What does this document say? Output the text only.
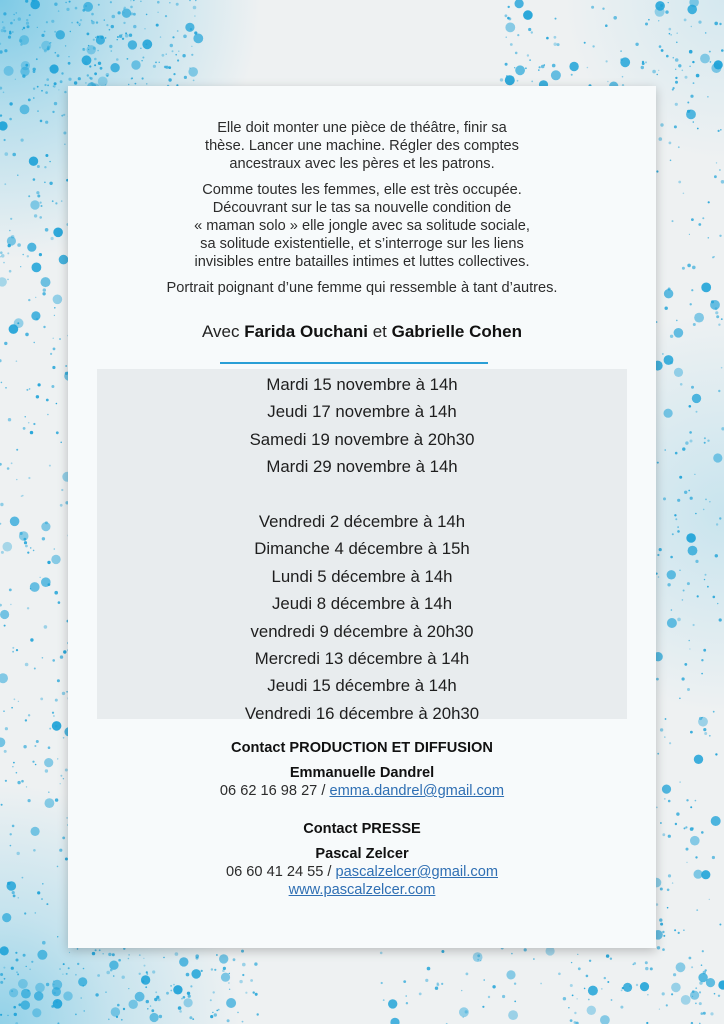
Elle doit monter une pièce de théâtre, finir sa
thèse. Lancer une machine. Régler des comptes
ancestraux avec les pères et les patrons.

Comme toutes les femmes, elle est très occupée.
Découvrant sur le tas sa nouvelle condition de
« maman solo » elle jongle avec sa solitude sociale,
sa solitude existentielle, et s’interroge sur les liens
invisibles entre batailles intimes et luttes collectives.

Portrait poignant d’une femme qui ressemble à tant d’autres.

Avec Farida Ouchani et Gabrielle Cohen
Mardi 15 novembre à 14h
Jeudi 17 novembre à 14h
Samedi 19 novembre à 20h30
Mardi 29 novembre à 14h
Vendredi 2 décembre à 14h
Dimanche 4 décembre à 15h
Lundi 5 décembre à 14h
Jeudi 8 décembre à 14h
vendredi 9 décembre à 20h30
Mercredi 13 décembre à 14h
Jeudi 15 décembre à 14h
Vendredi 16 décembre à 20h30
Contact PRODUCTION ET DIFFUSION
Emmanuelle Dandrel
06 62 16 98 27 / emma.dandrel@gmail.com
Contact PRESSE
Pascal Zelcer
06 60 41 24 55 / pascalzelcer@gmail.com
www.pascalzelcer.com
